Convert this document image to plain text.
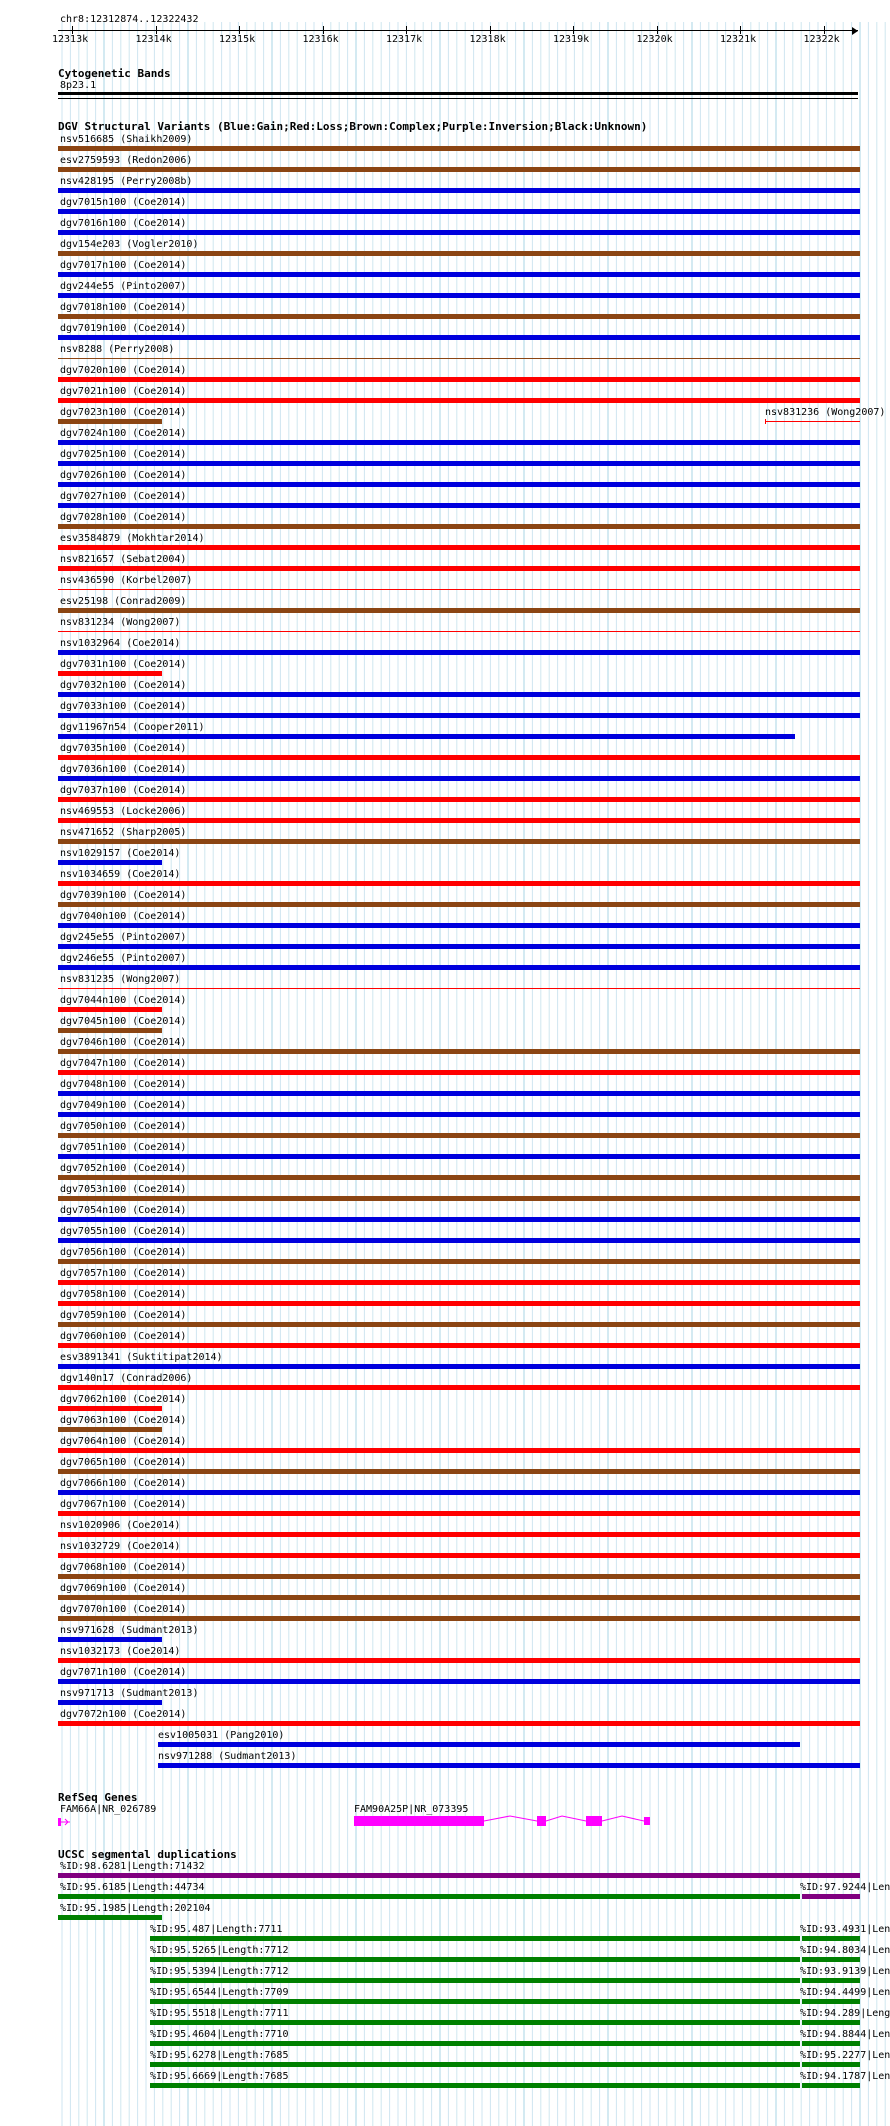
chr8:12312874..12322432
12313k	12314k	12315k	12316k	12317k	12318k	12319k	12320k	12321k	12322k
Cytogenetic Bands
8p23.1
DGV Structural Variants (Blue:Gain;Red:Loss;Brown:Complex;Purple:Inversion;Black:Unknown)
nsv516685 (Shaikh2009)
esv2759593 (Redon2006)
nsv428195 (Perry2008b)
dgv7015n100 (Coe2014)
dgv7016n100 (Coe2014)
dgv154e203 (Vogler2010)
dgv7017n100 (Coe2014)
dgv244e55 (Pinto2007)
dgv7018n100 (Coe2014)
dgv7019n100 (Coe2014)
nsv8288 (Perry2008)
dgv7020n100 (Coe2014)
dgv7021n100 (Coe2014)
dgv7023n100 (Coe2014)	nsv831236 (Wong2007)
dgv7024n100 (Coe2014)
dgv7025n100 (Coe2014)
dgv7026n100 (Coe2014)
dgv7027n100 (Coe2014)
dgv7028n100 (Coe2014)
esv3584879 (Mokhtar2014)
nsv821657 (Sebat2004)
nsv436590 (Korbel2007)
esv25198 (Conrad2009)
nsv831234 (Wong2007)
nsv1032964 (Coe2014)
dgv7031n100 (Coe2014)
dgv7032n100 (Coe2014)
dgv7033n100 (Coe2014)
dgv11967n54 (Cooper2011)
dgv7035n100 (Coe2014)
dgv7036n100 (Coe2014)
dgv7037n100 (Coe2014)
nsv469553 (Locke2006)
nsv471652 (Sharp2005)
nsv1029157 (Coe2014)
nsv1034659 (Coe2014)
dgv7039n100 (Coe2014)
dgv7040n100 (Coe2014)
dgv245e55 (Pinto2007)
dgv246e55 (Pinto2007)
nsv831235 (Wong2007)
dgv7044n100 (Coe2014)
dgv7045n100 (Coe2014)
dgv7046n100 (Coe2014)
dgv7047n100 (Coe2014)
dgv7048n100 (Coe2014)
dgv7049n100 (Coe2014)
dgv7050n100 (Coe2014)
dgv7051n100 (Coe2014)
dgv7052n100 (Coe2014)
dgv7053n100 (Coe2014)
dgv7054n100 (Coe2014)
dgv7055n100 (Coe2014)
dgv7056n100 (Coe2014)
dgv7057n100 (Coe2014)
dgv7058n100 (Coe2014)
dgv7059n100 (Coe2014)
dgv7060n100 (Coe2014)
esv3891341 (Suktitipat2014)
dgv140n17 (Conrad2006)
dgv7062n100 (Coe2014)
dgv7063n100 (Coe2014)
dgv7064n100 (Coe2014)
dgv7065n100 (Coe2014)
dgv7066n100 (Coe2014)
dgv7067n100 (Coe2014)
nsv1020906 (Coe2014)
nsv1032729 (Coe2014)
dgv7068n100 (Coe2014)
dgv7069n100 (Coe2014)
dgv7070n100 (Coe2014)
nsv971628 (Sudmant2013)
nsv1032173 (Coe2014)
dgv7071n100 (Coe2014)
nsv971713 (Sudmant2013)
dgv7072n100 (Coe2014)
esv1005031 (Pang2010)
nsv971288 (Sudmant2013)
RefSeq Genes
FAM66A|NR_026789	FAM90A25P|NR_073395
UCSC segmental duplications
%ID:98.6281|Length:71432
%ID:95.6185|Length:44734	%ID:97.9244|Len
%ID:95.1985|Length:202104
%ID:95.487|Length:7711	%ID:93.4931|Len
%ID:95.5265|Length:7712	%ID:94.8034|Len
%ID:95.5394|Length:7712	%ID:93.9139|Len
%ID:95.6544|Length:7709	%ID:94.4499|Len
%ID:95.5518|Length:7711	%ID:94.289|Leng
%ID:95.4604|Length:7710	%ID:94.8844|Len
%ID:95.6278|Length:7685	%ID:95.2277|Len
%ID:95.6669|Length:7685	%ID:94.1787|Len
